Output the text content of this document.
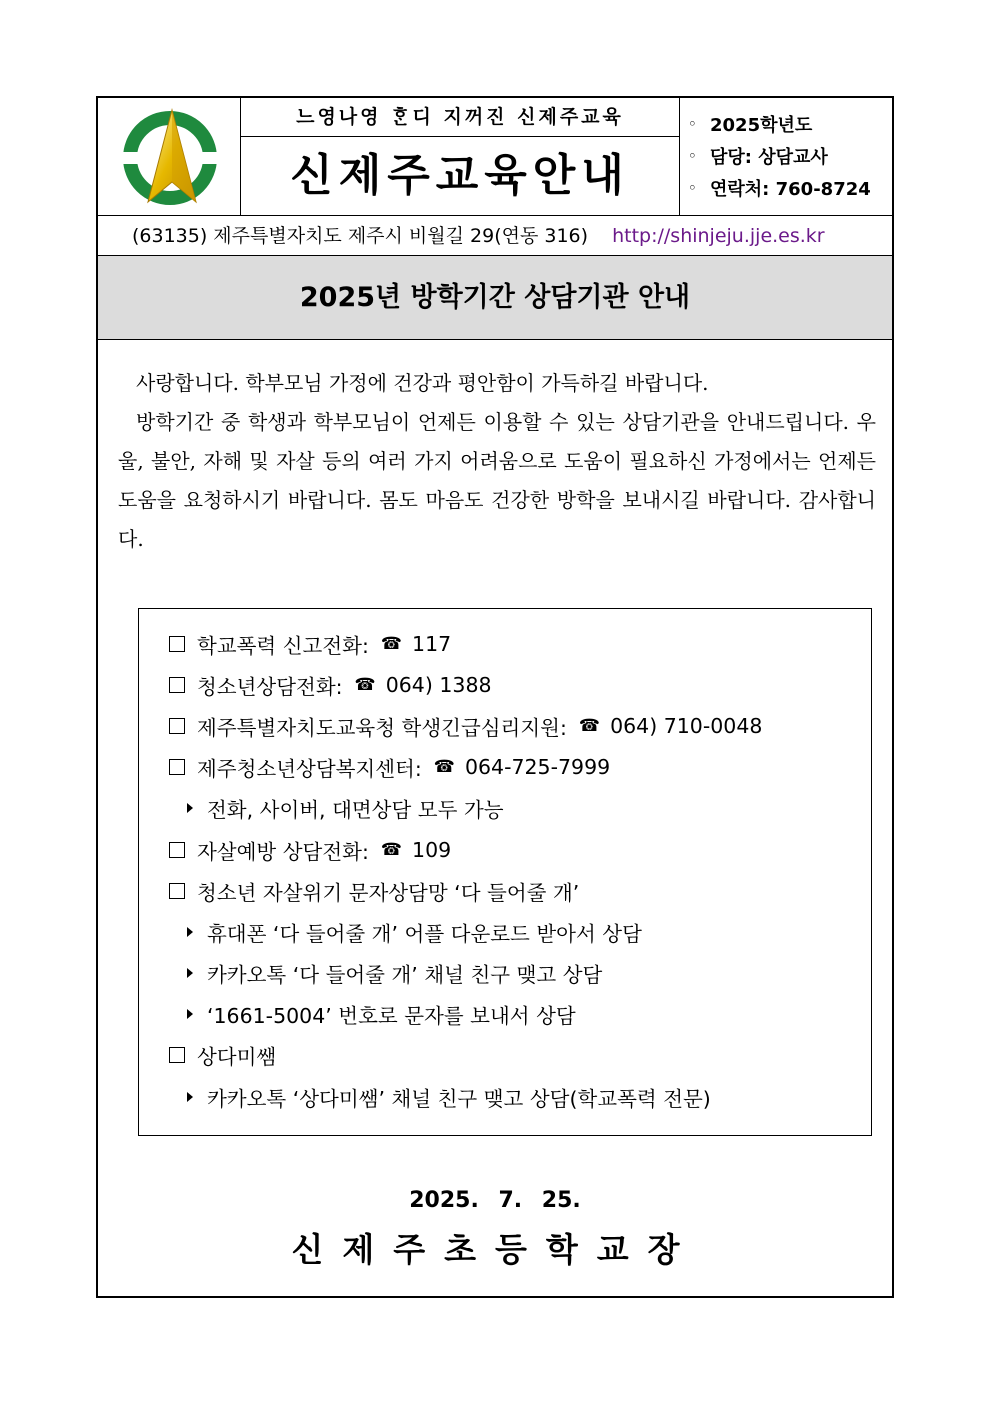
느영나영 ᄒᆞᆫ디 지꺼진 신제주교육
신제주교육안내
◦ 2025학년도
◦ 담당: 상담교사
◦ 연락처: 760-8724
(63135) 제주특별자치도 제주시 비월길 29(연동 316) http://shinjeju.jje.es.kr
2025년 방학기간 상담기관 안내

사랑합니다. 학부모님 가정에 건강과 평안함이 가득하길 바랍니다.

방학기간 중 학생과 학부모님이 언제든 이용할 수 있는 상담기관을 안내드립니다. 우울, 불안, 자해 및 자살 등의 여러 가지 어려움으로 도움이 필요하신 가정에서는 언제든 도움을 요청하시기 바랍니다. 몸도 마음도 건강한 방학을 보내시길 바랍니다. 감사합니다.

학교폭력 신고전화: ☎ 117
청소년상담전화: ☎ 064) 1388
제주특별자치도교육청 학생긴급심리지원: ☎ 064) 710-0048
제주청소년상담복지센터: ☎ 064-725-7999
전화, 사이버, 대면상담 모두 가능
자살예방 상담전화: ☎ 109
청소년 자살위기 문자상담망 ‘다 들어줄 개’
휴대폰 ‘다 들어줄 개’ 어플 다운로드 받아서 상담
카카오톡 ‘다 들어줄 개’ 채널 친구 맺고 상담
‘1661-5004’ 번호로 문자를 보내서 상담
상다미쌤
카카오톡 ‘상다미쌤’ 채널 친구 맺고 상담(학교폭력 전문)
2025. 7. 25.
신제주초등학교장
